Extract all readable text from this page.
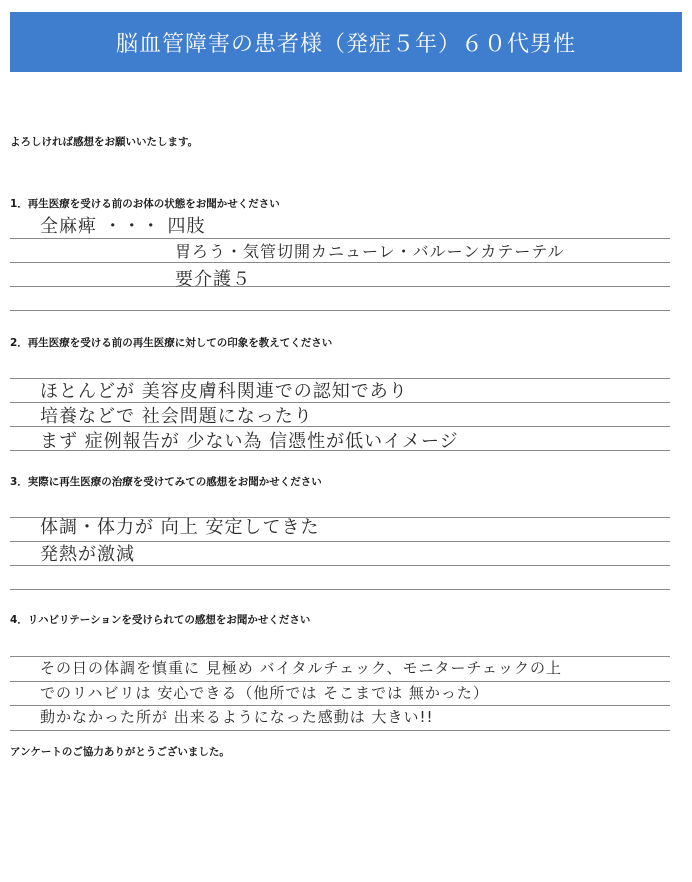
脳血管障害の患者様（発症５年）６０代男性
よろしければ感想をお願いいたします。
1．再生医療を受ける前のお体の状態をお聞かせください
全麻痺 ・・・ 四肢
胃ろう・気管切開カニューレ・バルーンカテーテル
要介護５
2．再生医療を受ける前の再生医療に対しての印象を教えてください
ほとんどが 美容皮膚科関連での認知であり
培養などで 社会問題になったり
まず 症例報告が 少ない為 信憑性が低いイメージ
3．実際に再生医療の治療を受けてみての感想をお聞かせください
体調・体力が 向上 安定してきた
発熱が激減
4．リハビリテーションを受けられての感想をお聞かせください
その日の体調を慎重に 見極め バイタルチェック、モニターチェックの上
でのリハビリは 安心できる（他所では そこまでは 無かった）
動かなかった所が 出来るようになった感動は 大きい!!
アンケートのご協力ありがとうございました。
